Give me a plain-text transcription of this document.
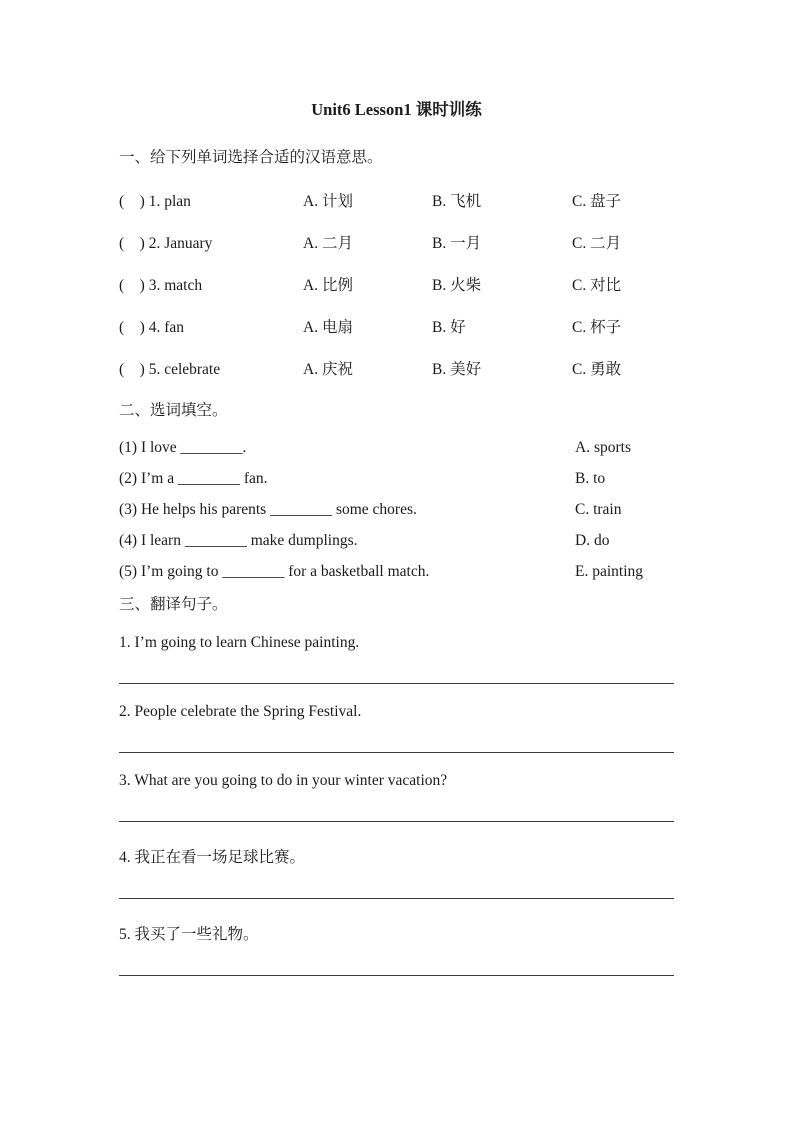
Unit6 Lesson1 课时训练
一、给下列单词选择合适的汉语意思。
(　) 1. plan	A. 计划	B. 飞机	C. 盘子
(　) 2. January	A. 二月	B. 一月	C. 二月
(　) 3. match	A. 比例	B. 火柴	C. 对比
(　) 4. fan	A. 电扇	B. 好	C. 杯子
(　) 5. celebrate	A. 庆祝	B. 美好	C. 勇敢
二、选词填空。
(1) I love ________.	A. sports
(2) I’m a ________ fan.	B. to
(3) He helps his parents ________ some chores.	C. train
(4) I learn ________ make dumplings.	D. do
(5) I’m going to ________ for a basketball match.	E. painting
三、翻译句子。
1. I’m going to learn Chinese painting.
2. People celebrate the Spring Festival.
3. What are you going to do in your winter vacation?
4. 我正在看一场足球比赛。
5. 我买了一些礼物。
